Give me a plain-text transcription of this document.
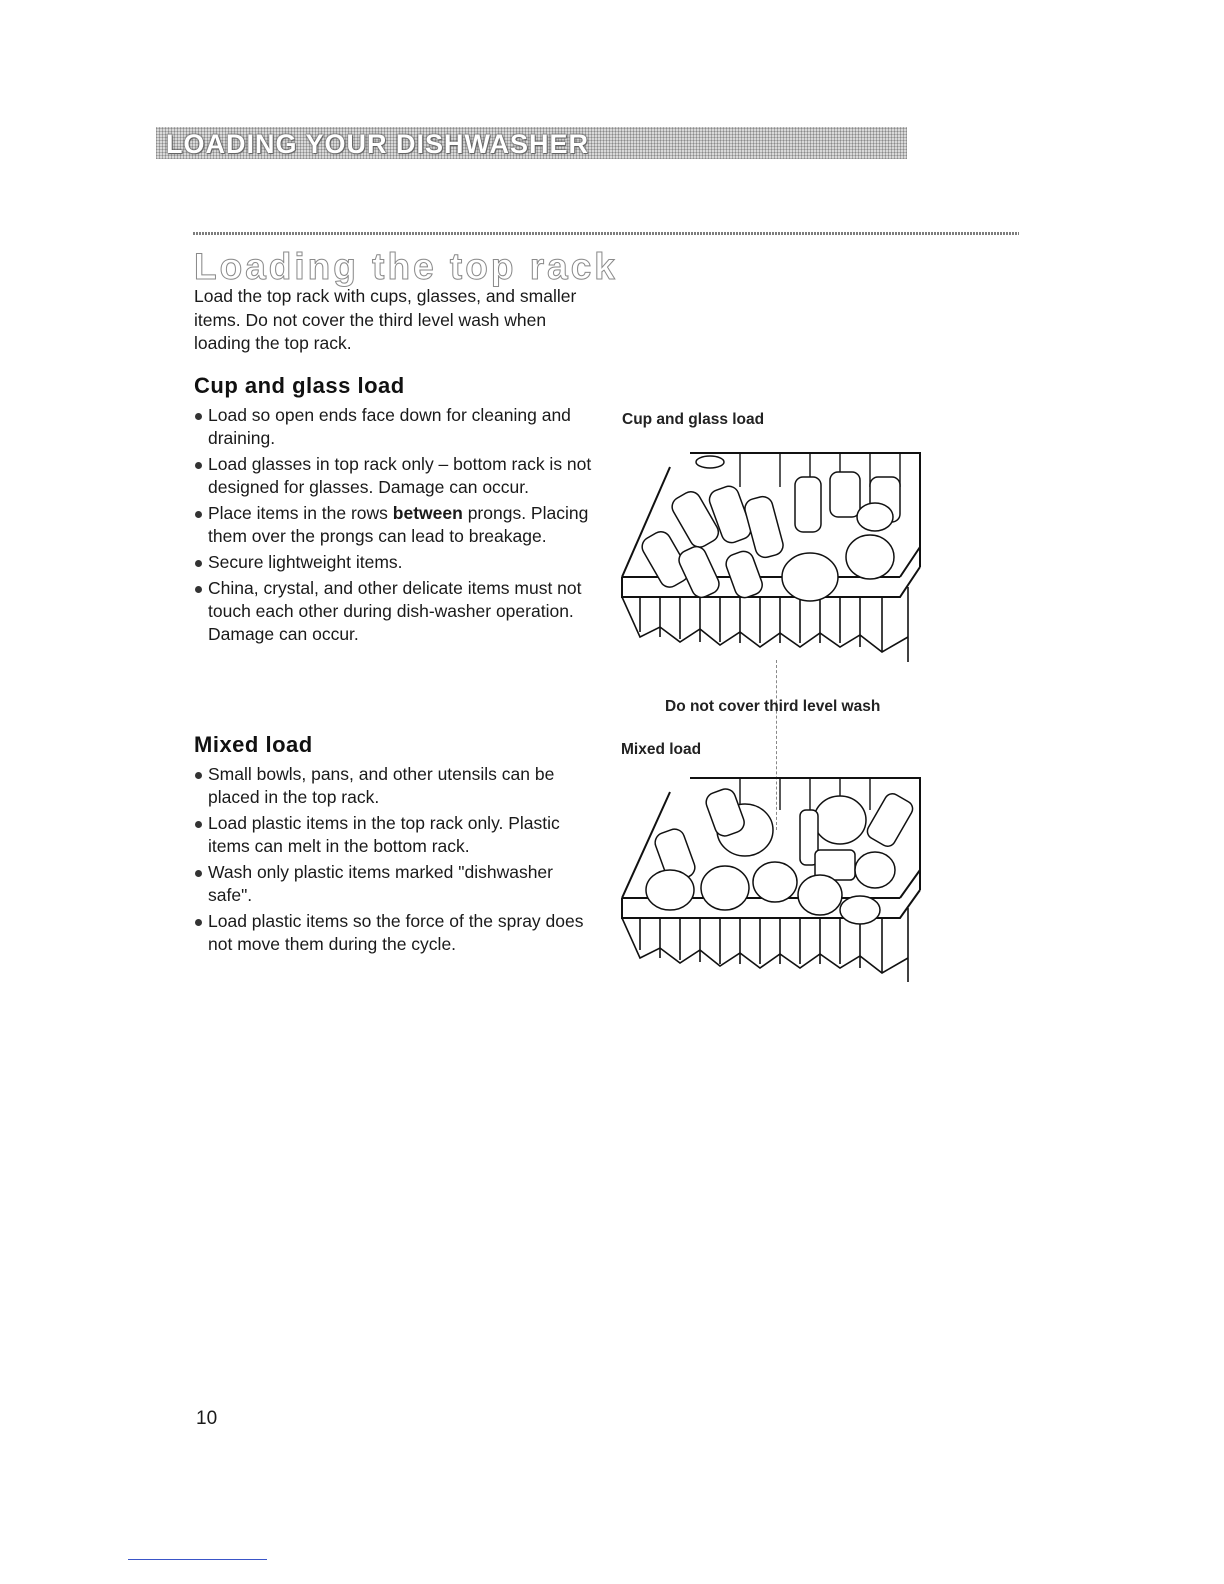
LOADING YOUR DISHWASHER
Loading the top rack

Load the top rack with cups, glasses, and smaller items. Do not cover the third level wash when loading the top rack.

Cup and glass load
Load so open ends face down for cleaning and draining.
Load glasses in top rack only – bottom rack is not designed for glasses. Damage can occur.
Place items in the rows between prongs. Placing them over the prongs can lead to breakage.
Secure lightweight items.
China, crystal, and other delicate items must not touch each other during dish-washer operation. Damage can occur.
Mixed load
Small bowls, pans, and other utensils can be placed in the top rack.
Load plastic items in the top rack only. Plastic items can melt in the bottom rack.
Wash only plastic items marked "dishwasher safe".
Load plastic items so the force of the spray does not move them during the cycle.

Cup and glass load

Do not cover third level wash

Mixed load

10
